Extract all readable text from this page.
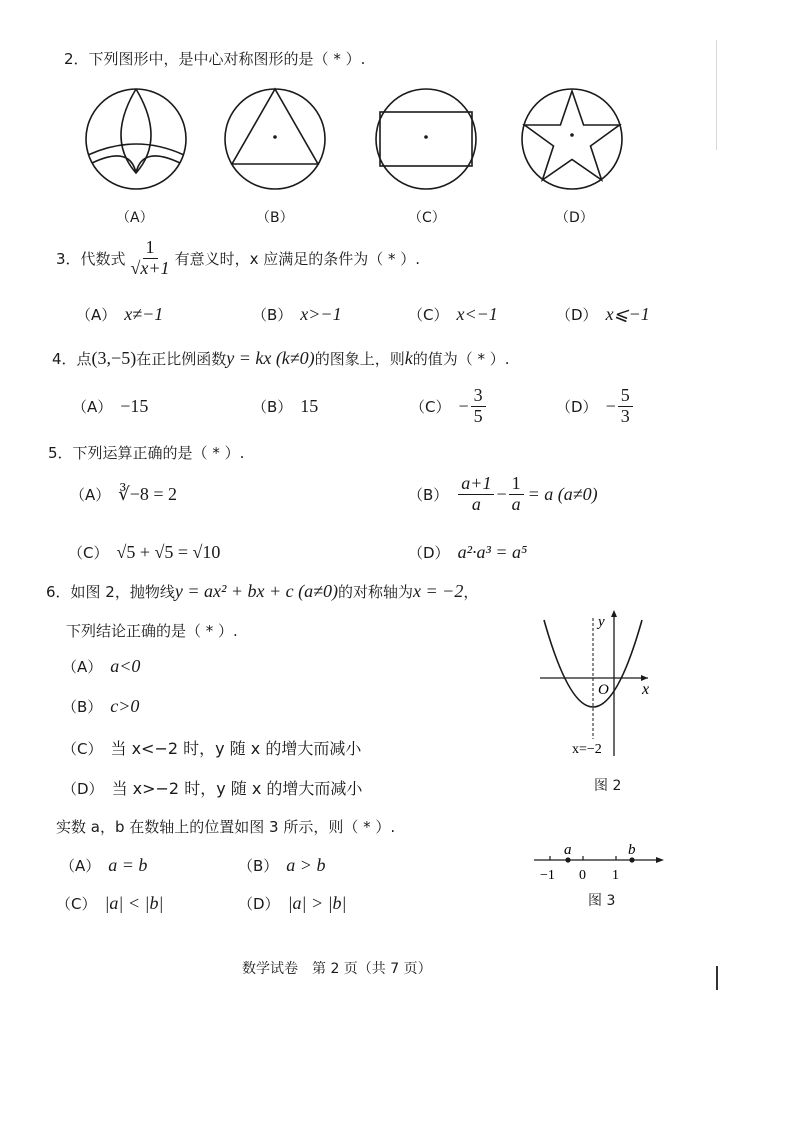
2．下列图形中，是中心对称图形的是（ * ）.
（A）	（B）	（C）	（D）
3．代数式 $\frac{1}{√x+1}$ 有意义时，x 应满足的条件为（ * ）.
（A） x≠−1	（B） x>−1	（C） x<−1	（D） x⩽−1
4．点 (3,−5) 在正比例函数 y = kx (k≠0) 的图象上，则 k 的值为（ * ）.
（A） −15	（B） 15	$(C) - \frac{3}{5}$	$(D) - \frac{5}{3}$
5．下列运算正确的是（ * ）.
（A） ∛−8 = 2	$(B) \frac{a+1}{a} - \frac{1}{a} = a$ (a≠0)
（C） √5 + √5 = √10	（D） a²·a³ = a⁵
6．如图 2，抛物线 y = ax² + bx + c (a≠0) 的对称轴为 x = −2 ，
下列结论正确的是（ * ）.
（A） a<0
（B） c>0
（C） 当 x<−2 时，y 随 x 的增大而减小
（D） 当 x>−2 时，y 随 x 的增大而减小
y
x
O
x=−2
图 2
实数 a，b 在数轴上的位置如图 3 所示，则（ * ）.
（A） a = b	（B） a > b
（C） |a| < |b|	（D） |a| > |b|
a	b
−1 0 1
图 3
数学试卷　第 2 页（共 7 页）
